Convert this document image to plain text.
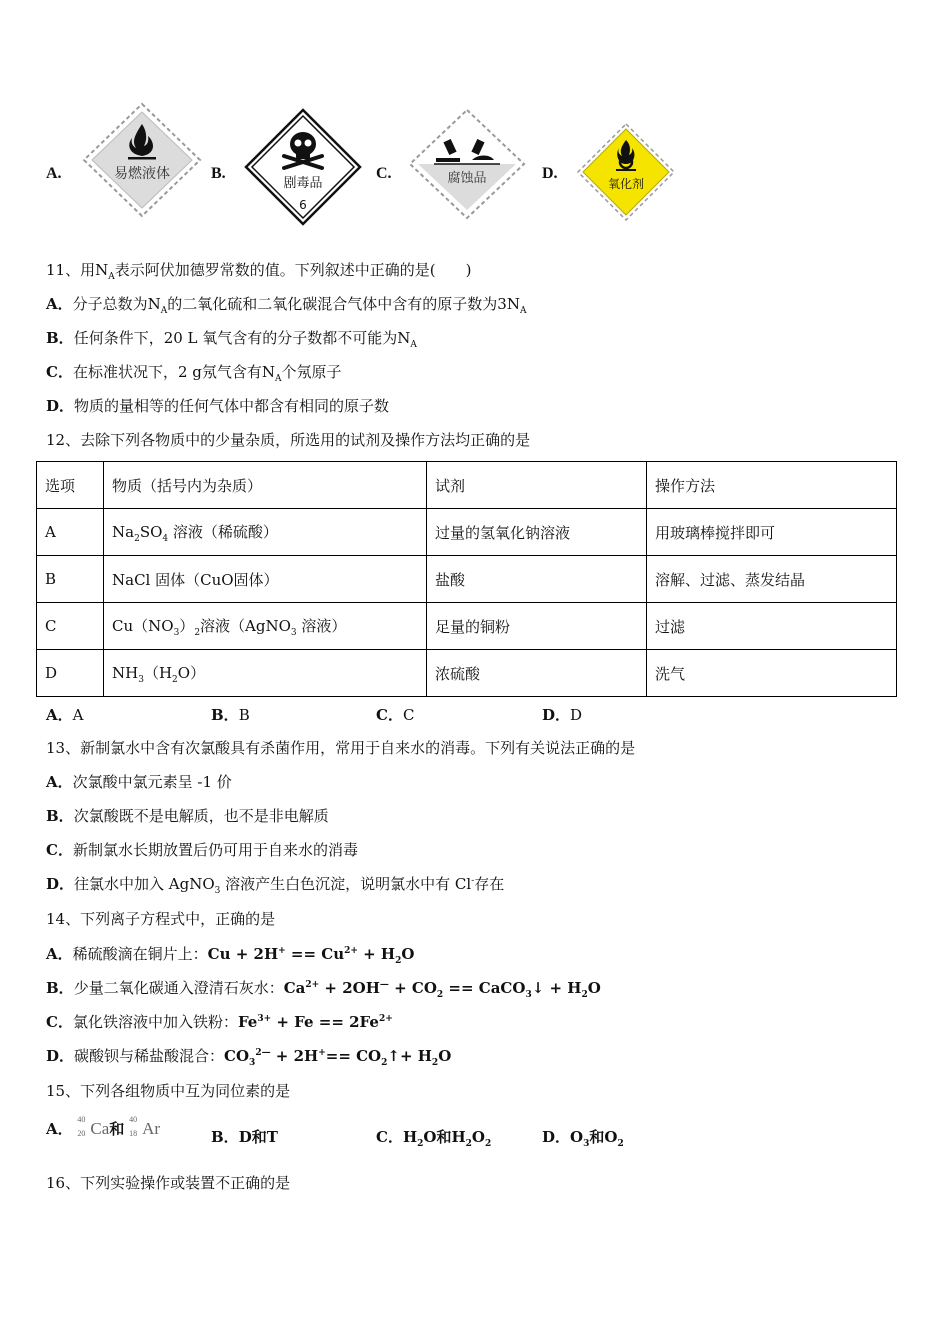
A.	易燃液体	B.
剧毒品
6
C.	腐蚀品	D.
氧化剂
11、用$N_A$表示阿伏加德罗常数的值。下列叙述中正确的是(　　)
A．分子总数为$N_A$的二氧化硫和二氧化碳混合气体中含有的原子数为$3N_A$
B．任何条件下，20 L 氧气含有的分子数都不可能为$N_A$
C．在标准状况下，2 g氖气含有$N_A$个氖原子
D．物质的量相等的任何气体中都含有相同的原子数
12、去除下列各物质中的少量杂质，所选用的试剂及操作方法均正确的是
选项	物质（括号内为杂质）	试剂	操作方法
A	$Na_2SO_4$ 溶液（稀硫酸）	过量的氢氧化钠溶液	用玻璃棒搅拌即可
B	NaCl 固体（CuO固体）	盐酸	溶解、过滤、蒸发结晶
C	$Cu(NO_3)_2$溶液（AgNO$_3$ 溶液）	足量的铜粉	过滤
D	$NH_3(H_2O)$	浓硫酸	洗气
A．A	B．B	C．C	D．D
13、新制氯水中含有次氯酸具有杀菌作用，常用于自来水的消毒。下列有关说法正确的是
A．次氯酸中氯元素呈 -1 价
B．次氯酸既不是电解质，也不是非电解质
C．新制氯水长期放置后仍可用于自来水的消毒
D．往氯水中加入 AgNO$_3$ 溶液产生白色沉淀，说明氯水中有 Cl-存在
14、下列离子方程式中，正确的是
A．稀硫酸滴在铜片上：$Cu + 2H^+ == Cu^{2+} + H_2O$
B．少量二氧化碳通入澄清石灰水：$Ca^{2+} + 2OH^— + CO_2$ == CaCO$_3$↓ + $H_2O$
C．氯化铁溶液中加入铁粉：$Fe^{3+} + Fe == 2Fe^{2+}$
D．碳酸钡与稀盐酸混合：$CO_3^{2—} + 2H^+==$ $CO_2↑+ H_2O$
15、下列各组物质中互为同位素的是
A．
40
20 Ca和
40
18 Ar	B．D和T	C．$H_2O$和$H_2O_2$	D．$O_3$和$O_2$
16、下列实验操作或装置不正确的是
